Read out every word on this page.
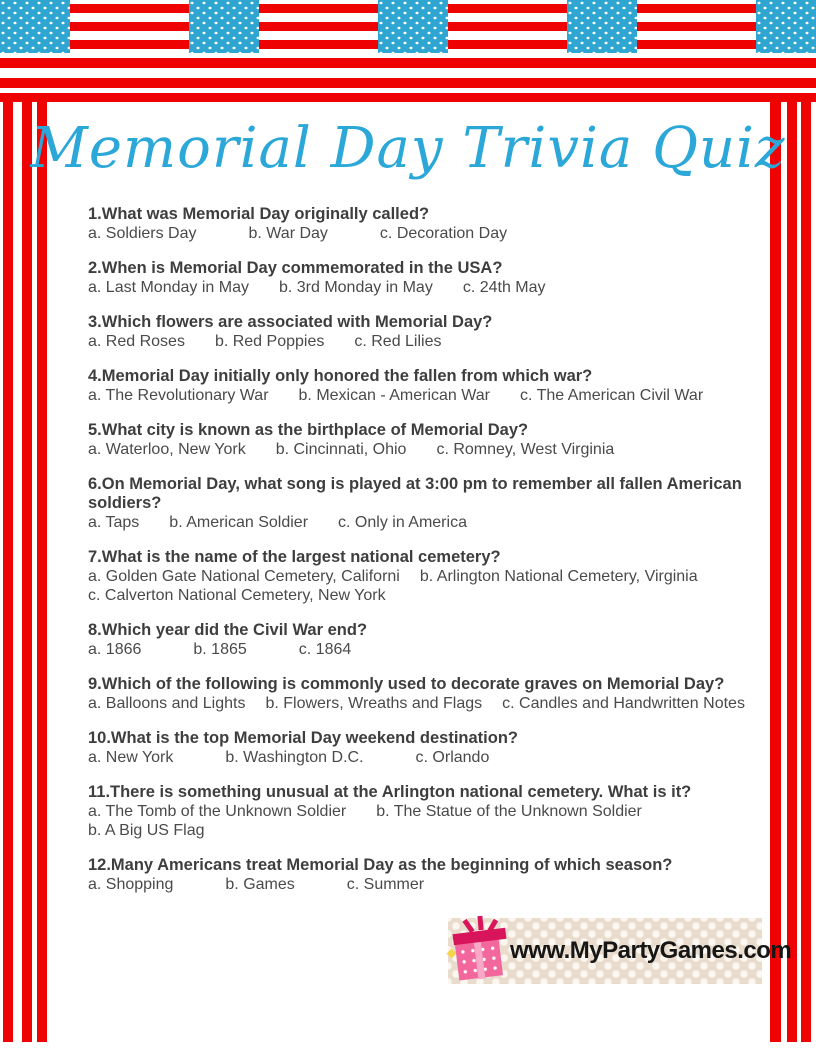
Memorial Day Trivia Quiz
1.What was Memorial Day originally called?
a. Soldiers Day	b. War Day	c. Decoration Day
2.When is Memorial Day commemorated in the USA?
a. Last Monday in May b. 3rd Monday in May c. 24th May
3.Which flowers are associated with Memorial Day?
a. Red Roses b. Red Poppies c. Red Lilies
4.Memorial Day initially only honored the fallen from which war?
a. The Revolutionary War b. Mexican - American War c. The American Civil War
5.What city is known as the birthplace of Memorial Day?
a. Waterloo, New York b. Cincinnati, Ohio c. Romney, West Virginia
6.On Memorial Day, what song is played at 3:00 pm to remember all fallen American soldiers?
a. Taps b. American Soldier c. Only in America
7.What is the name of the largest national cemetery?
a. Golden Gate National Cemetery, Californi b. Arlington National Cemetery, Virginia
c. Calverton National Cemetery, New York
8.Which year did the Civil War end?
a. 1866	b. 1865	c. 1864
9.Which of the following is commonly used to decorate graves on Memorial Day?
a. Balloons and Lights b. Flowers, Wreaths and Flags c. Candles and Handwritten Notes
10.What is the top Memorial Day weekend destination?
a. New York	b. Washington D.C.	c. Orlando
11.There is something unusual at the Arlington national cemetery. What is it?
a. The Tomb of the Unknown Soldier b. The Statue of the Unknown Soldier
b. A Big US Flag
12.Many Americans treat Memorial Day as the beginning of which season?
a. Shopping	b. Games	c. Summer
www.MyPartyGames.com
